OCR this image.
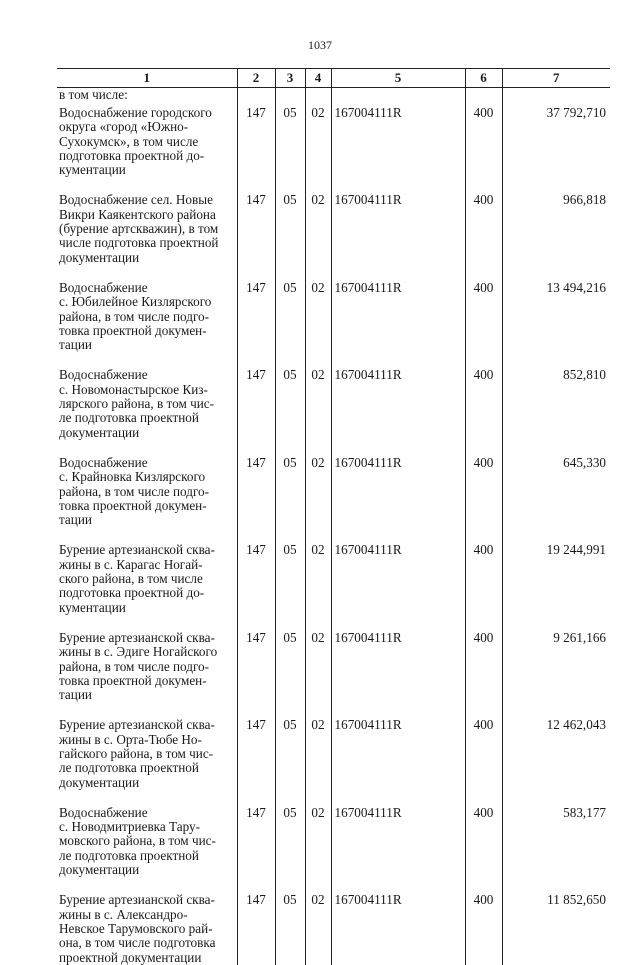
1037
1	2	3	4	5	6	7
в том числе:						

Водоснабжение городского
округа «город «Южно-
Сухокумск», в том числе
подготовка проектной до-
кументации	147	05	02	167004111R	400	37 792,710

Водоснабжение сел. Новые
Викри Каякентского района
(бурение артскважин), в том
числе подготовка проектной
документации	147	05	02	167004111R	400	966,818

Водоснабжение
с. Юбилейное Кизлярского
района, в том числе подго-
товка проектной докумен-
тации	147	05	02	167004111R	400	13 494,216

Водоснабжение
с. Новомонастырское Киз-
лярского района, в том чис-
ле подготовка проектной
документации	147	05	02	167004111R	400	852,810

Водоснабжение
с. Крайновка Кизлярского
района, в том числе подго-
товка проектной докумен-
тации	147	05	02	167004111R	400	645,330

Бурение артезианской сква-
жины в с. Карагас Ногай-
ского района, в том числе
подготовка проектной до-
кументации	147	05	02	167004111R	400	19 244,991

Бурение артезианской сква-
жины в с. Эдиге Ногайского
района, в том числе подго-
товка проектной докумен-
тации	147	05	02	167004111R	400	9 261,166

Бурение артезианской сква-
жины в с. Орта-Тюбе Но-
гайского района, в том чис-
ле подготовка проектной
документации	147	05	02	167004111R	400	12 462,043

Водоснабжение
с. Новодмитриевка Тару-
мовского района, в том чис-
ле подготовка проектной
документации	147	05	02	167004111R	400	583,177

Бурение артезианской сква-
жины в с. Александро-
Невское Тарумовского рай-
она, в том числе подготовка
проектной документации	147	05	02	167004111R	400	11 852,650
